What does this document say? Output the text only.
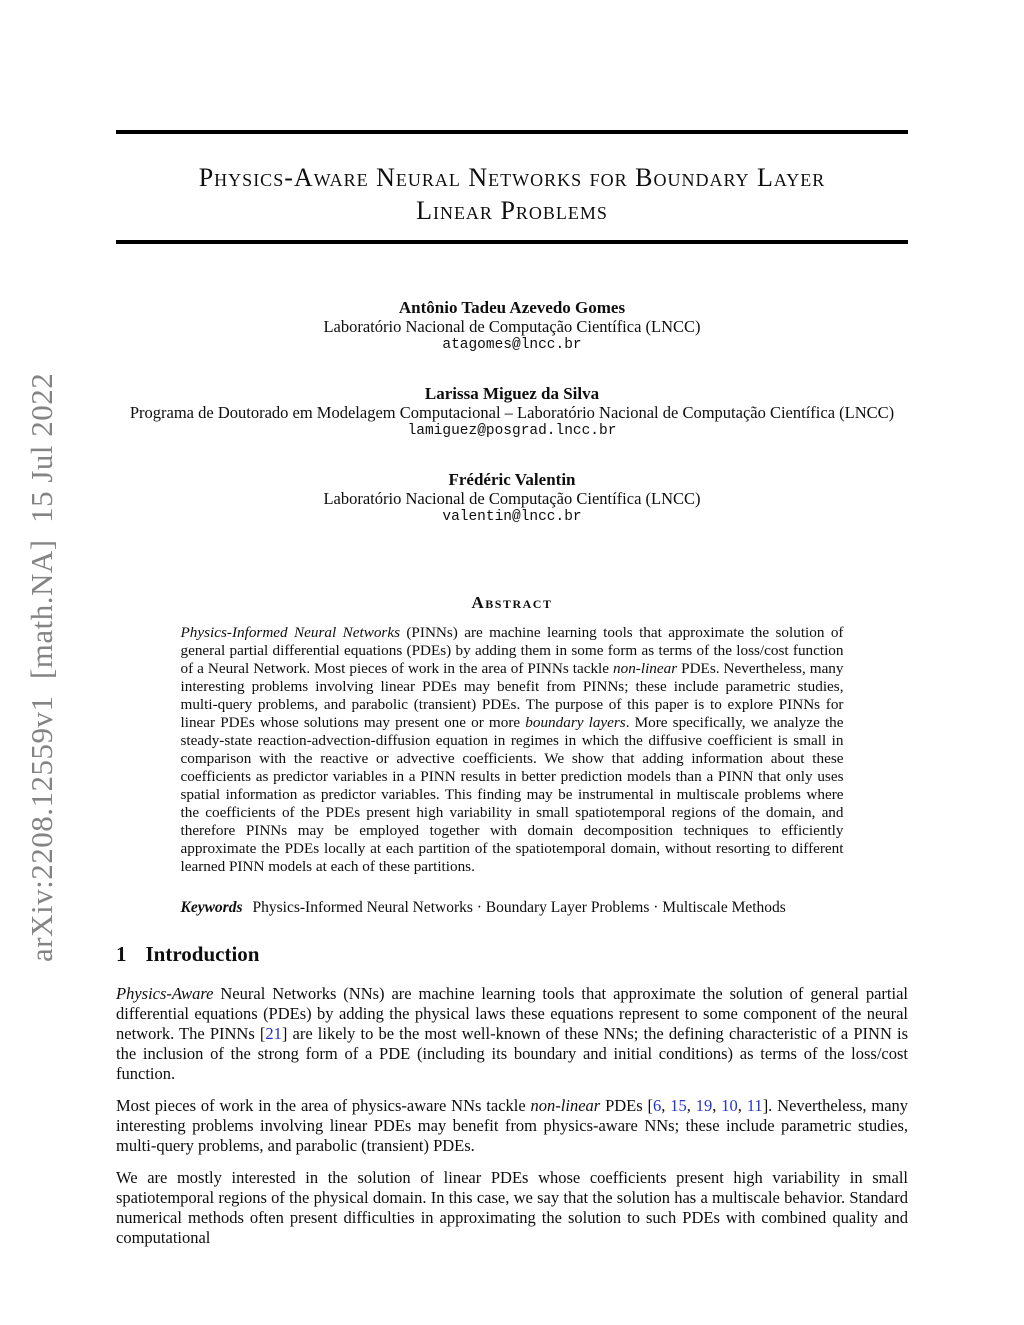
arXiv:2208.12559v1  [math.NA]  15 Jul 2022
Physics-Aware Neural Networks for Boundary Layer
Linear Problems
Antônio Tadeu Azevedo Gomes
Laboratório Nacional de Computação Científica (LNCC)
atagomes@lncc.br
Larissa Miguez da Silva
Programa de Doutorado em Modelagem Computacional – Laboratório Nacional de Computação Científica (LNCC)
lamiguez@posgrad.lncc.br
Frédéric Valentin
Laboratório Nacional de Computação Científica (LNCC)
valentin@lncc.br
Abstract

Physics-Informed Neural Networks (PINNs) are machine learning tools that approximate the solution of general partial differential equations (PDEs) by adding them in some form as terms of the loss/cost function of a Neural Network. Most pieces of work in the area of PINNs tackle non-linear PDEs. Nevertheless, many interesting problems involving linear PDEs may benefit from PINNs; these include parametric studies, multi-query problems, and parabolic (transient) PDEs. The purpose of this paper is to explore PINNs for linear PDEs whose solutions may present one or more boundary layers. More specifically, we analyze the steady-state reaction-advection-diffusion equation in regimes in which the diffusive coefficient is small in comparison with the reactive or advective coefficients. We show that adding information about these coefficients as predictor variables in a PINN results in better prediction models than a PINN that only uses spatial information as predictor variables. This finding may be instrumental in multiscale problems where the coefficients of the PDEs present high variability in small spatiotemporal regions of the domain, and therefore PINNs may be employed together with domain decomposition techniques to efficiently approximate the PDEs locally at each partition of the spatiotemporal domain, without resorting to different learned PINN models at each of these partitions.

Keywords Physics-Informed Neural Networks · Boundary Layer Problems · Multiscale Methods
1 Introduction

Physics-Aware Neural Networks (NNs) are machine learning tools that approximate the solution of general partial differential equations (PDEs) by adding the physical laws these equations represent to some component of the neural network. The PINNs [21] are likely to be the most well-known of these NNs; the defining characteristic of a PINN is the inclusion of the strong form of a PDE (including its boundary and initial conditions) as terms of the loss/cost function.

Most pieces of work in the area of physics-aware NNs tackle non-linear PDEs [6, 15, 19, 10, 11]. Nevertheless, many interesting problems involving linear PDEs may benefit from physics-aware NNs; these include parametric studies, multi-query problems, and parabolic (transient) PDEs.

We are mostly interested in the solution of linear PDEs whose coefficients present high variability in small spatiotemporal regions of the physical domain. In this case, we say that the solution has a multiscale behavior. Standard numerical methods often present difficulties in approximating the solution to such PDEs with combined quality and computational
